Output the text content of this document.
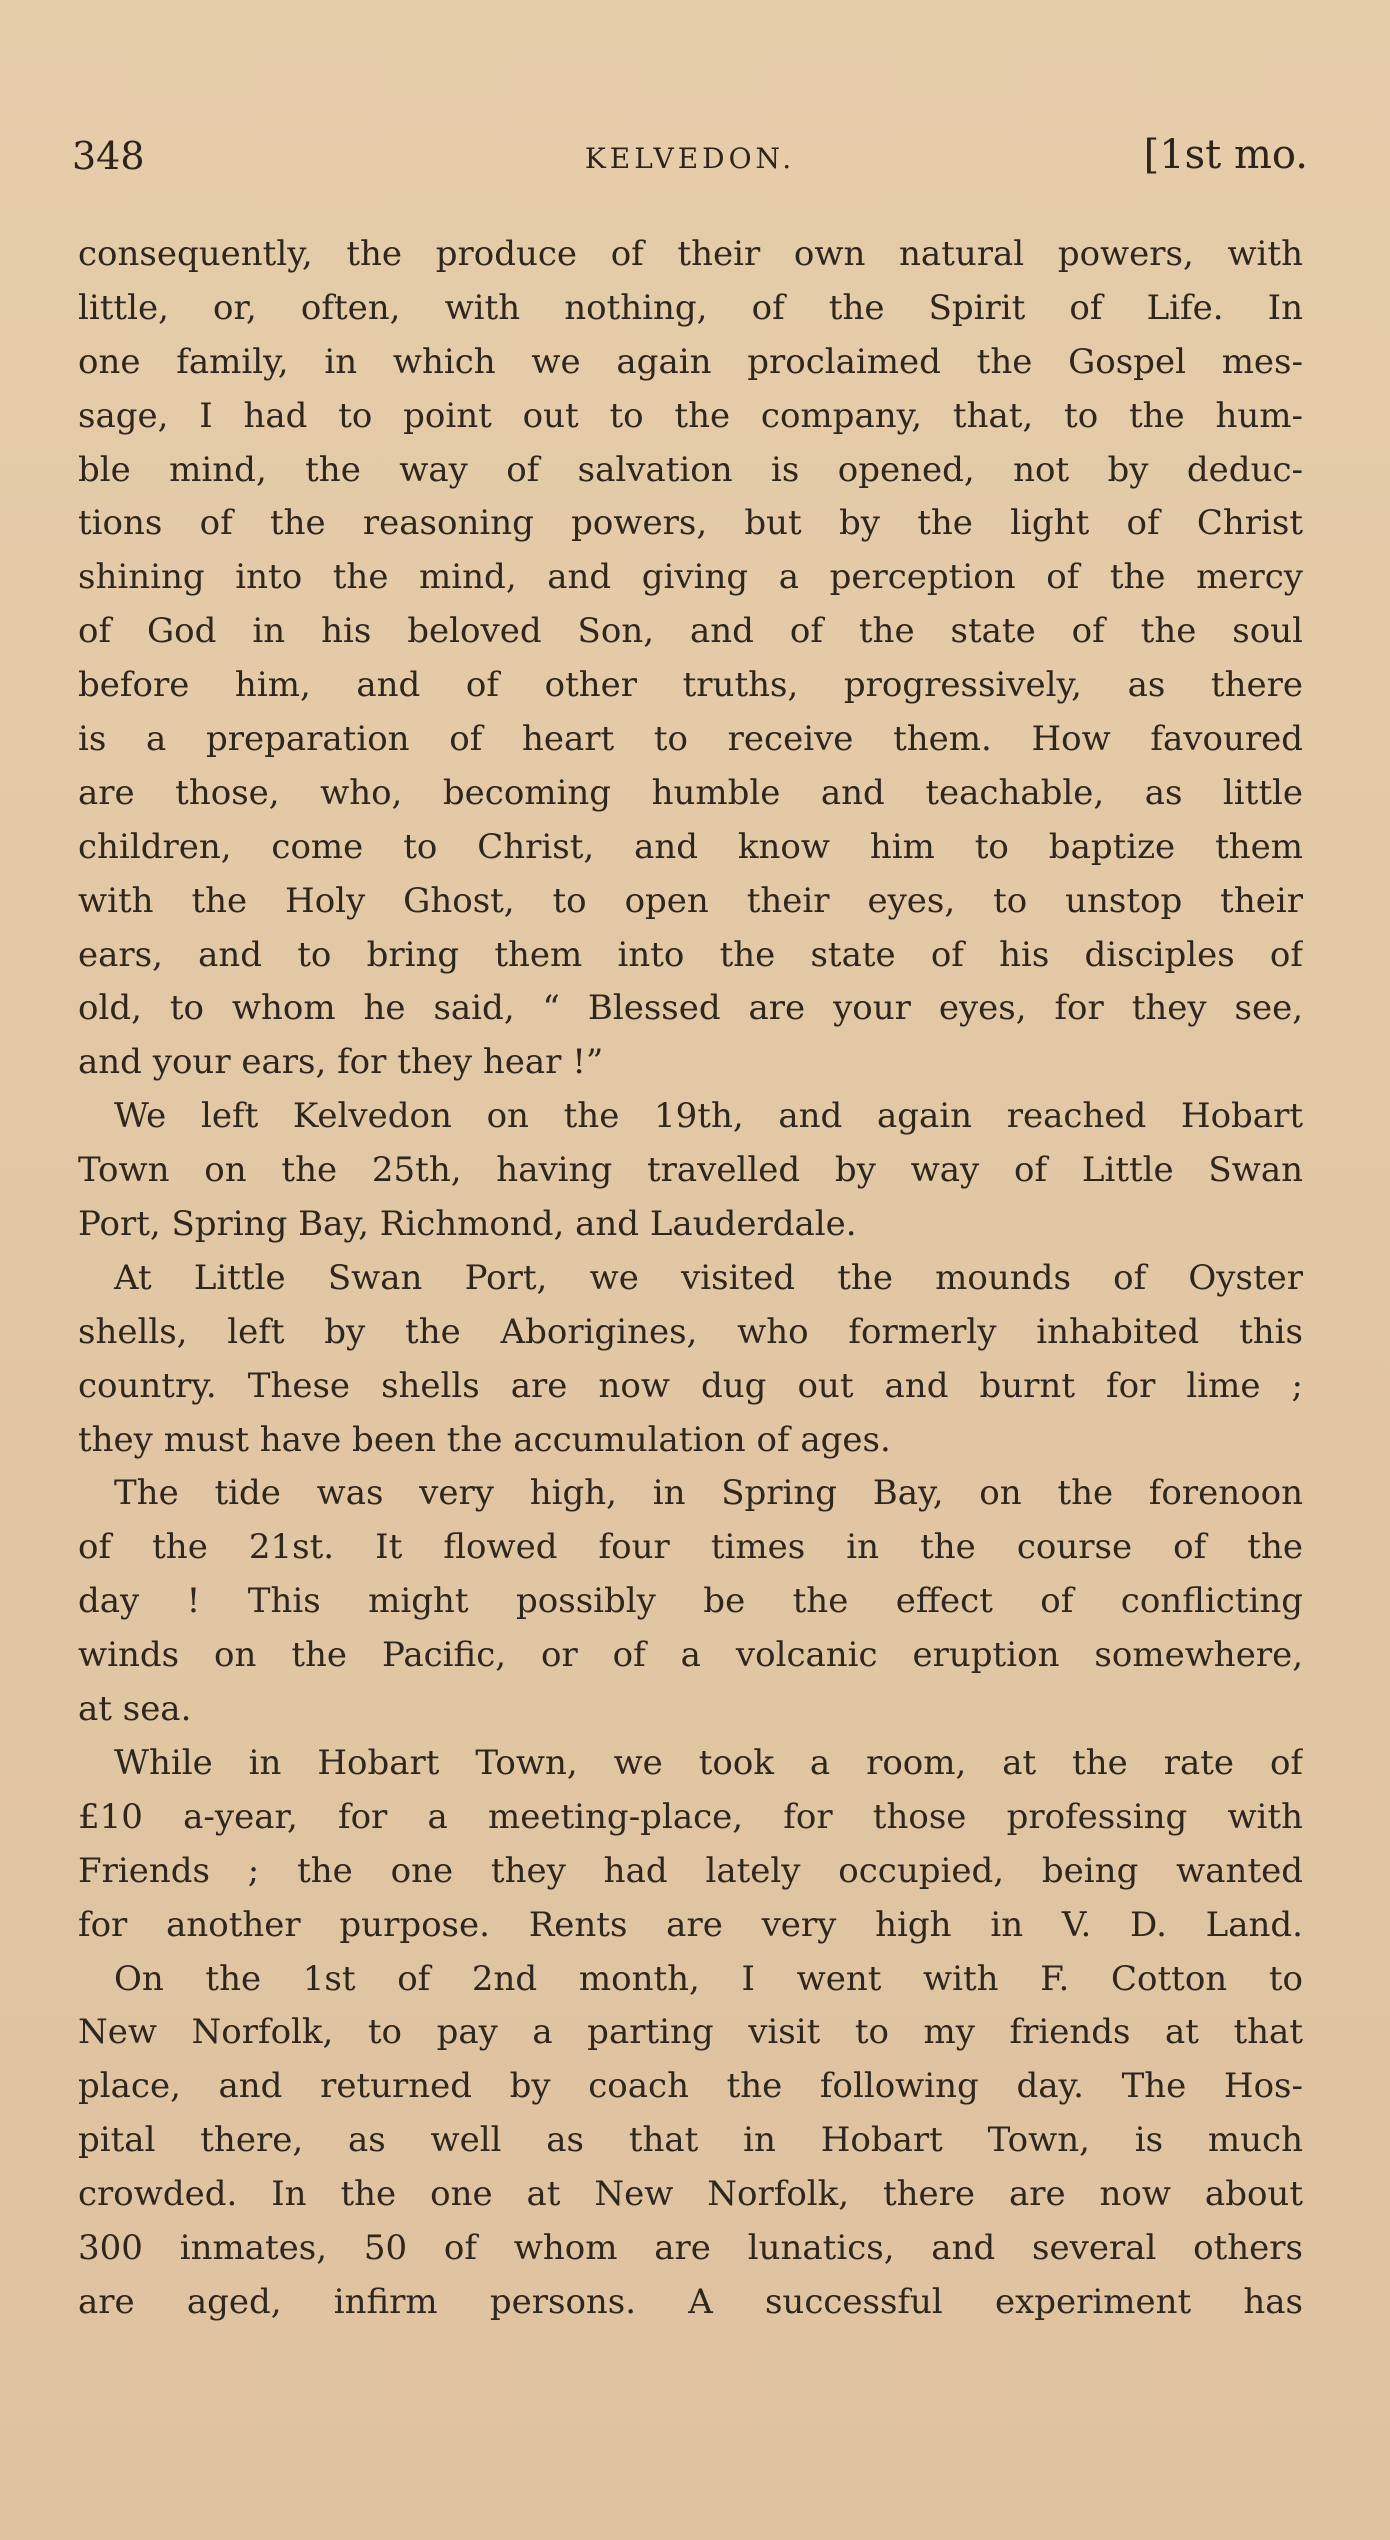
348	KELVEDON.	[1st mo.
consequently, the produce of their own natural powers, with
little, or, often, with nothing, of the Spirit of Life. In
one family, in which we again proclaimed the Gospel mes-
sage, I had to point out to the company, that, to the hum-
ble mind, the way of salvation is opened, not by deduc-
tions of the reasoning powers, but by the light of Christ
shining into the mind, and giving a perception of the mercy
of God in his beloved Son, and of the state of the soul
before him, and of other truths, progressively, as there
is a preparation of heart to receive them. How favoured
are those, who, becoming humble and teachable, as little
children, come to Christ, and know him to baptize them
with the Holy Ghost, to open their eyes, to unstop their
ears, and to bring them into the state of his disciples of
old, to whom he said, “ Blessed are your eyes, for they see,
and your ears, for they hear !”
We left Kelvedon on the 19th, and again reached Hobart
Town on the 25th, having travelled by way of Little Swan
Port, Spring Bay, Richmond, and Lauderdale.
At Little Swan Port, we visited the mounds of Oyster
shells, left by the Aborigines, who formerly inhabited this
country. These shells are now dug out and burnt for lime ;
they must have been the accumulation of ages.
The tide was very high, in Spring Bay, on the forenoon
of the 21st. It flowed four times in the course of the
day ! This might possibly be the effect of conflicting
winds on the Pacific, or of a volcanic eruption somewhere,
at sea.
While in Hobart Town, we took a room, at the rate of
£10 a-year, for a meeting-place, for those professing with
Friends ; the one they had lately occupied, being wanted
for another purpose. Rents are very high in V. D. Land.
On the 1st of 2nd month, I went with F. Cotton to
New Norfolk, to pay a parting visit to my friends at that
place, and returned by coach the following day. The Hos-
pital there, as well as that in Hobart Town, is much
crowded. In the one at New Norfolk, there are now about
300 inmates, 50 of whom are lunatics, and several others
are aged, infirm persons. A successful experiment has
